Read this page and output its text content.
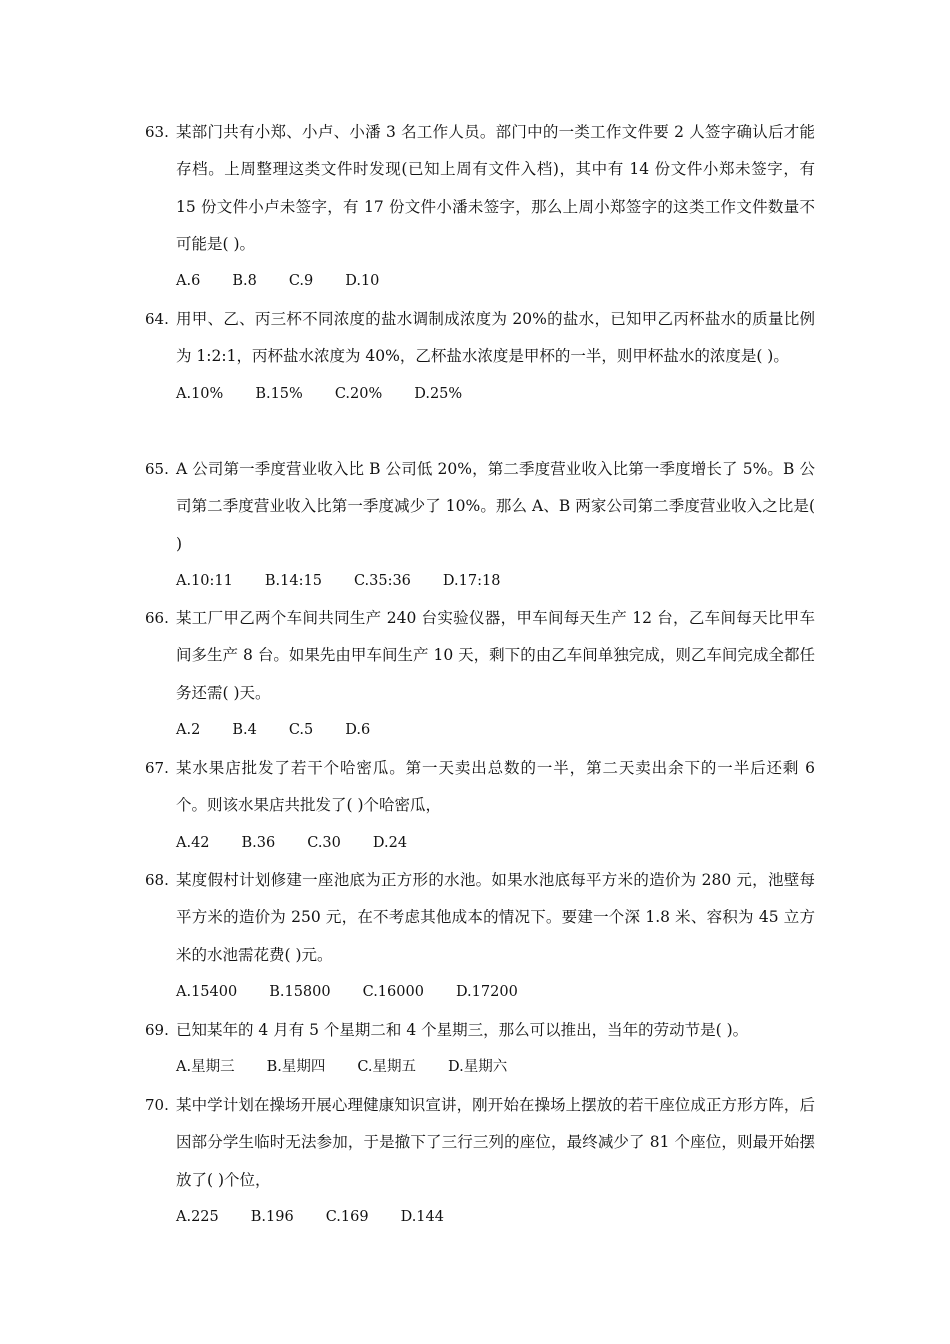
63. 某部门共有小郑、小卢、小潘 3 名工作人员。部门中的一类工作文件要 2 人签字确认后才能存档。上周整理这类文件时发现(已知上周有文件入档)，其中有 14 份文件小郑未签字，有 15 份文件小卢未签字，有 17 份文件小潘未签字，那么上周小郑签字的这类工作文件数量不可能是( )。
A.6 B.8 C.9 D.10
64. 用甲、乙、丙三杯不同浓度的盐水调制成浓度为 20%的盐水，已知甲乙丙杯盐水的质量比例为 1:2:1，丙杯盐水浓度为 40%，乙杯盐水浓度是甲杯的一半，则甲杯盐水的浓度是( )。
A.10% B.15% C.20% D.25%
65. A 公司第一季度营业收入比 B 公司低 20%，第二季度营业收入比第一季度增长了 5%。B 公司第二季度营业收入比第一季度减少了 10%。那么 A、B 两家公司第二季度营业收入之比是( )
A.10:11 B.14:15 C.35:36 D.17:18
66. 某工厂甲乙两个车间共同生产 240 台实验仪器，甲车间每天生产 12 台，乙车间每天比甲车间多生产 8 台。如果先由甲车间生产 10 天，剩下的由乙车间单独完成，则乙车间完成全都任务还需( )天。
A.2 B.4 C.5 D.6
67. 某水果店批发了若干个哈密瓜。第一天卖出总数的一半，第二天卖出余下的一半后还剩 6 个。则该水果店共批发了( )个哈密瓜，
A.42 B.36 C.30 D.24
68. 某度假村计划修建一座池底为正方形的水池。如果水池底每平方米的造价为 280 元，池壁每平方米的造价为 250 元，在不考虑其他成本的情况下。要建一个深 1.8 米、容积为 45 立方米的水池需花费( )元。
A.15400 B.15800 C.16000 D.17200
69. 已知某年的 4 月有 5 个星期二和 4 个星期三，那么可以推出，当年的劳动节是( )。
A.星期三 B.星期四 C.星期五 D.星期六
70. 某中学计划在操场开展心理健康知识宣讲，刚开始在操场上摆放的若干座位成正方形方阵，后因部分学生临时无法参加，于是撤下了三行三列的座位，最终减少了 81 个座位，则最开始摆放了( )个位，
A.225 B.196 C.169 D.144
